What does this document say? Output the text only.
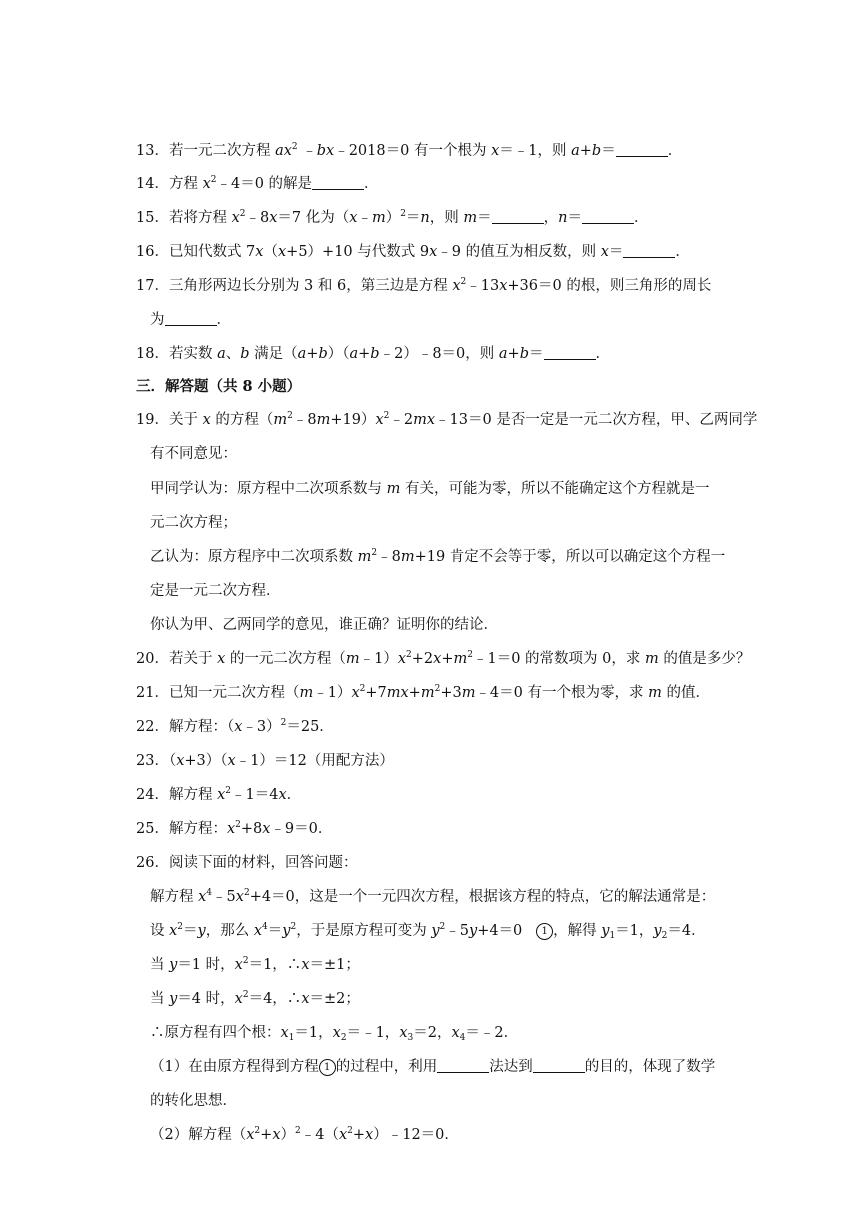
13．若一元二次方程 $ax^2$ ﹣bx﹣2018＝0 有一个根为 x＝﹣1，则 a+b＝	．
14．方程 $x^2﹣4=0$ 的解是	．
15．若将方程 $x^2﹣8x=7$ 化为（x﹣m）$^2$＝n，则 m＝	，n＝	．
16．已知代数式 7x（x+5）+10 与代数式 9x﹣9 的值互为相反数，则 x＝	．
17．三角形两边长分别为 3 和 6，第三边是方程 $x^2﹣13x+36=0$ 的根，则三角形的周长
为	．
18．若实数 a、b 满足（a+b）（a+b﹣2）﹣8＝0，则 a+b＝	．
三．解答题（共 8 小题）
19．关于 x 的方程$(m^2﹣8m+19)x^2﹣2mx﹣13=0$ 是否一定是一元二次方程，甲、乙两同学
有不同意见：
甲同学认为：原方程中二次项系数与 m 有关，可能为零，所以不能确定这个方程就是一
元二次方程；
乙认为：原方程序中二次项系数 $m^2﹣8m+19$ 肯定不会等于零，所以可以确定这个方程一
定是一元二次方程．
你认为甲、乙两同学的意见，谁正确？证明你的结论．
20．若关于 x 的一元二次方程$(m﹣1)x^2+2x+m^2﹣1=0$ 的常数项为 0，求 m 的值是多少？
21．已知一元二次方程$(m﹣1)x^2+7mx+m^2+3m﹣4=0$ 有一个根为零，求 m 的值．
22．解方程：（x﹣3）$^2$＝25．
23．（x+3）（x﹣1）＝12（用配方法）
24．解方程 $x^2﹣1=4x$．
25．解方程：$x^2+8x﹣9=0$．
26．阅读下面的材料，回答问题：
解方程 $x^4﹣5x^2+4=0$，这是一个一元四次方程，根据该方程的特点，它的解法通常是：
设 $x^2=y$，那么 $x^4=y^2$，于是原方程可变为 $y^2﹣5y+4=0$   1 ，解得 $y_1=1$，$y_2=4$．
当 y＝1 时，$x^2=1$，∴x＝±1；
当 y＝4 时，$x^2=4$，∴x＝±2；
∴原方程有四个根：$x_1=1$，$x_2=﹣1$，$x_3=2$，$x_4=﹣2$．
（1）在由原方程得到方程 1 的过程中，利用	法达到	的目的，体现了数学
的转化思想．
（2）解方程$(x^2+x)^2﹣4(x^2+x)﹣12=0$．
